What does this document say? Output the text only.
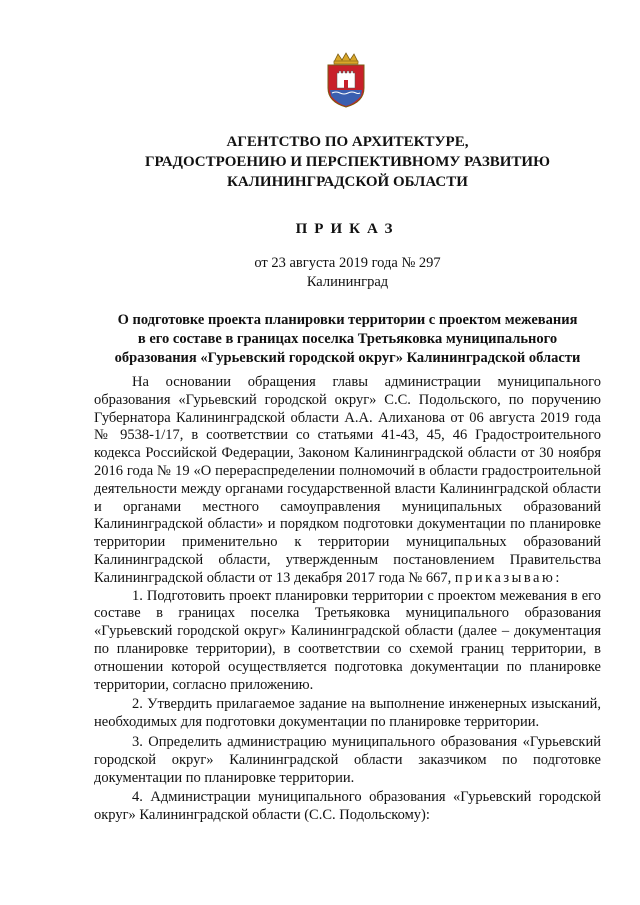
АГЕНТСТВО ПО АРХИТЕКТУРЕ,
ГРАДОСТРОЕНИЮ И ПЕРСПЕКТИВНОМУ РАЗВИТИЮ
КАЛИНИНГРАДСКОЙ ОБЛАСТИ
ПРИКАЗ
от 23 августа 2019 года № 297
Калининград
О подготовке проекта планировки территории с проектом межевания
в его составе в границах поселка Третьяковка муниципального
образования «Гурьевский городской округ» Калининградской области

На основании обращения главы администрации муниципального образования «Гурьевский городской округ» С.С. Подольского, по поручению Губернатора Калининградской области А.А. Алиханова от 06 августа 2019 года № 9538-1/17, в соответствии со статьями 41-43, 45, 46 Градостроительного кодекса Российской Федерации, Законом Калининградской области от 30 ноября 2016 года № 19 «О перераспределении полномочий в области градостроительной деятельности между органами государственной власти Калининградской области и органами местного самоуправления муниципальных образований Калининградской области» и порядком подготовки документации по планировке территории применительно к территории муниципальных образований Калининградской области, утвержденным постановлением Правительства Калининградской области от 13 декабря 2017 года № 667, приказываю:

1. Подготовить проект планировки территории с проектом межевания в его составе в границах поселка Третьяковка муниципального образования «Гурьевский городской округ» Калининградской области (далее – документация по планировке территории), в соответствии со схемой границ территории, в отношении которой осуществляется подготовка документации по планировке территории, согласно приложению.

2. Утвердить прилагаемое задание на выполнение инженерных изысканий, необходимых для подготовки документации по планировке территории.

3. Определить администрацию муниципального образования «Гурьевский городской округ» Калининградской области заказчиком по подготовке документации по планировке территории.

4. Администрации муниципального образования «Гурьевский городской округ» Калининградской области (С.С. Подольскому):
